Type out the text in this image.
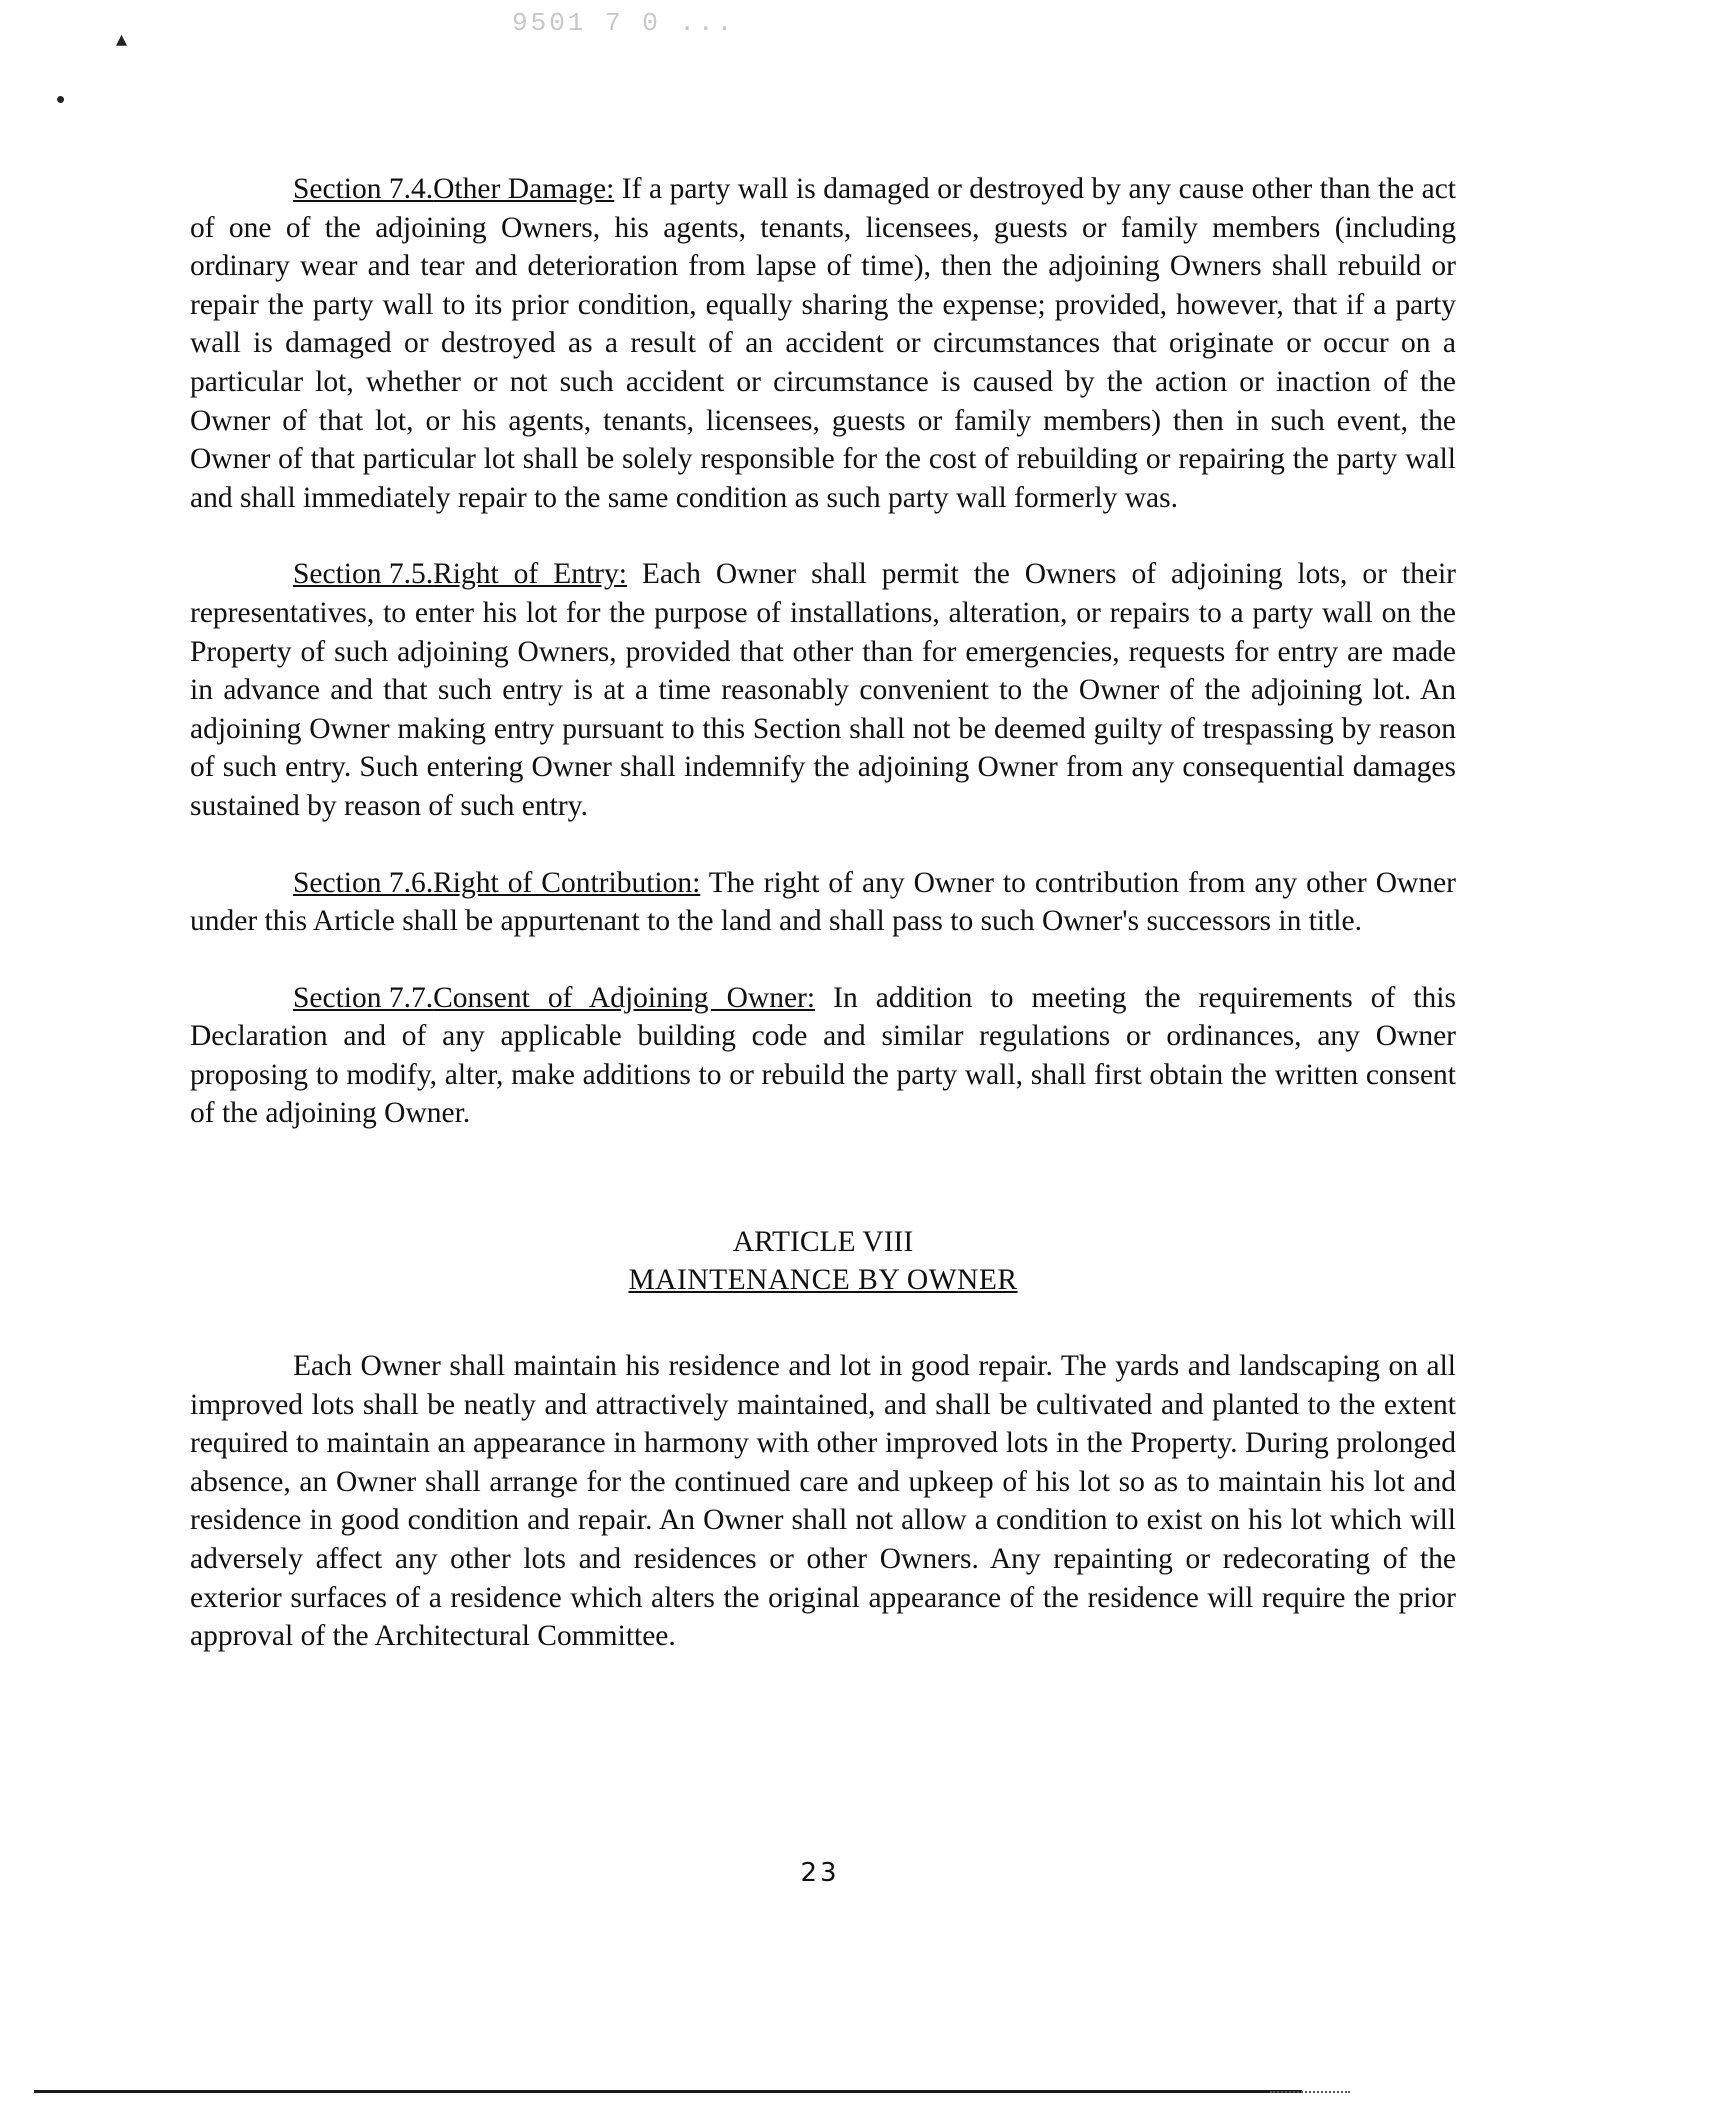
▴
•
9501 7 0 ...

Section 7.4.Other Damage: If a party wall is damaged or destroyed by any cause other than the act of one of the adjoining Owners, his agents, tenants, licensees, guests or family members (including ordinary wear and tear and deterioration from lapse of time), then the adjoining Owners shall rebuild or repair the party wall to its prior condition, equally sharing the expense; provided, however, that if a party wall is damaged or destroyed as a result of an accident or circumstances that originate or occur on a particular lot, whether or not such accident or circumstance is caused by the action or inaction of the Owner of that lot, or his agents, tenants, licensees, guests or family members) then in such event, the Owner of that particular lot shall be solely responsible for the cost of rebuilding or repairing the party wall and shall immediately repair to the same condition as such party wall formerly was.

Section 7.5.Right of Entry: Each Owner shall permit the Owners of adjoining lots, or their representatives, to enter his lot for the purpose of installations, alteration, or repairs to a party wall on the Property of such adjoining Owners, provided that other than for emergencies, requests for entry are made in advance and that such entry is at a time reasonably convenient to the Owner of the adjoining lot. An adjoining Owner making entry pursuant to this Section shall not be deemed guilty of trespassing by reason of such entry. Such entering Owner shall indemnify the adjoining Owner from any consequential damages sustained by reason of such entry.

Section 7.6.Right of Contribution: The right of any Owner to contribution from any other Owner under this Article shall be appurtenant to the land and shall pass to such Owner's successors in title.

Section 7.7.Consent of Adjoining Owner: In addition to meeting the requirements of this Declaration and of any applicable building code and similar regulations or ordinances, any Owner proposing to modify, alter, make additions to or rebuild the party wall, shall first obtain the written consent of the adjoining Owner.

ARTICLE VIII
MAINTENANCE BY OWNER

Each Owner shall maintain his residence and lot in good repair. The yards and landscaping on all improved lots shall be neatly and attractively maintained, and shall be cultivated and planted to the extent required to maintain an appearance in harmony with other improved lots in the Property. During prolonged absence, an Owner shall arrange for the continued care and upkeep of his lot so as to maintain his lot and residence in good condition and repair. An Owner shall not allow a condition to exist on his lot which will adversely affect any other lots and residences or other Owners. Any repainting or redecorating of the exterior surfaces of a residence which alters the original appearance of the residence will require the prior approval of the Architectural Committee.

23
